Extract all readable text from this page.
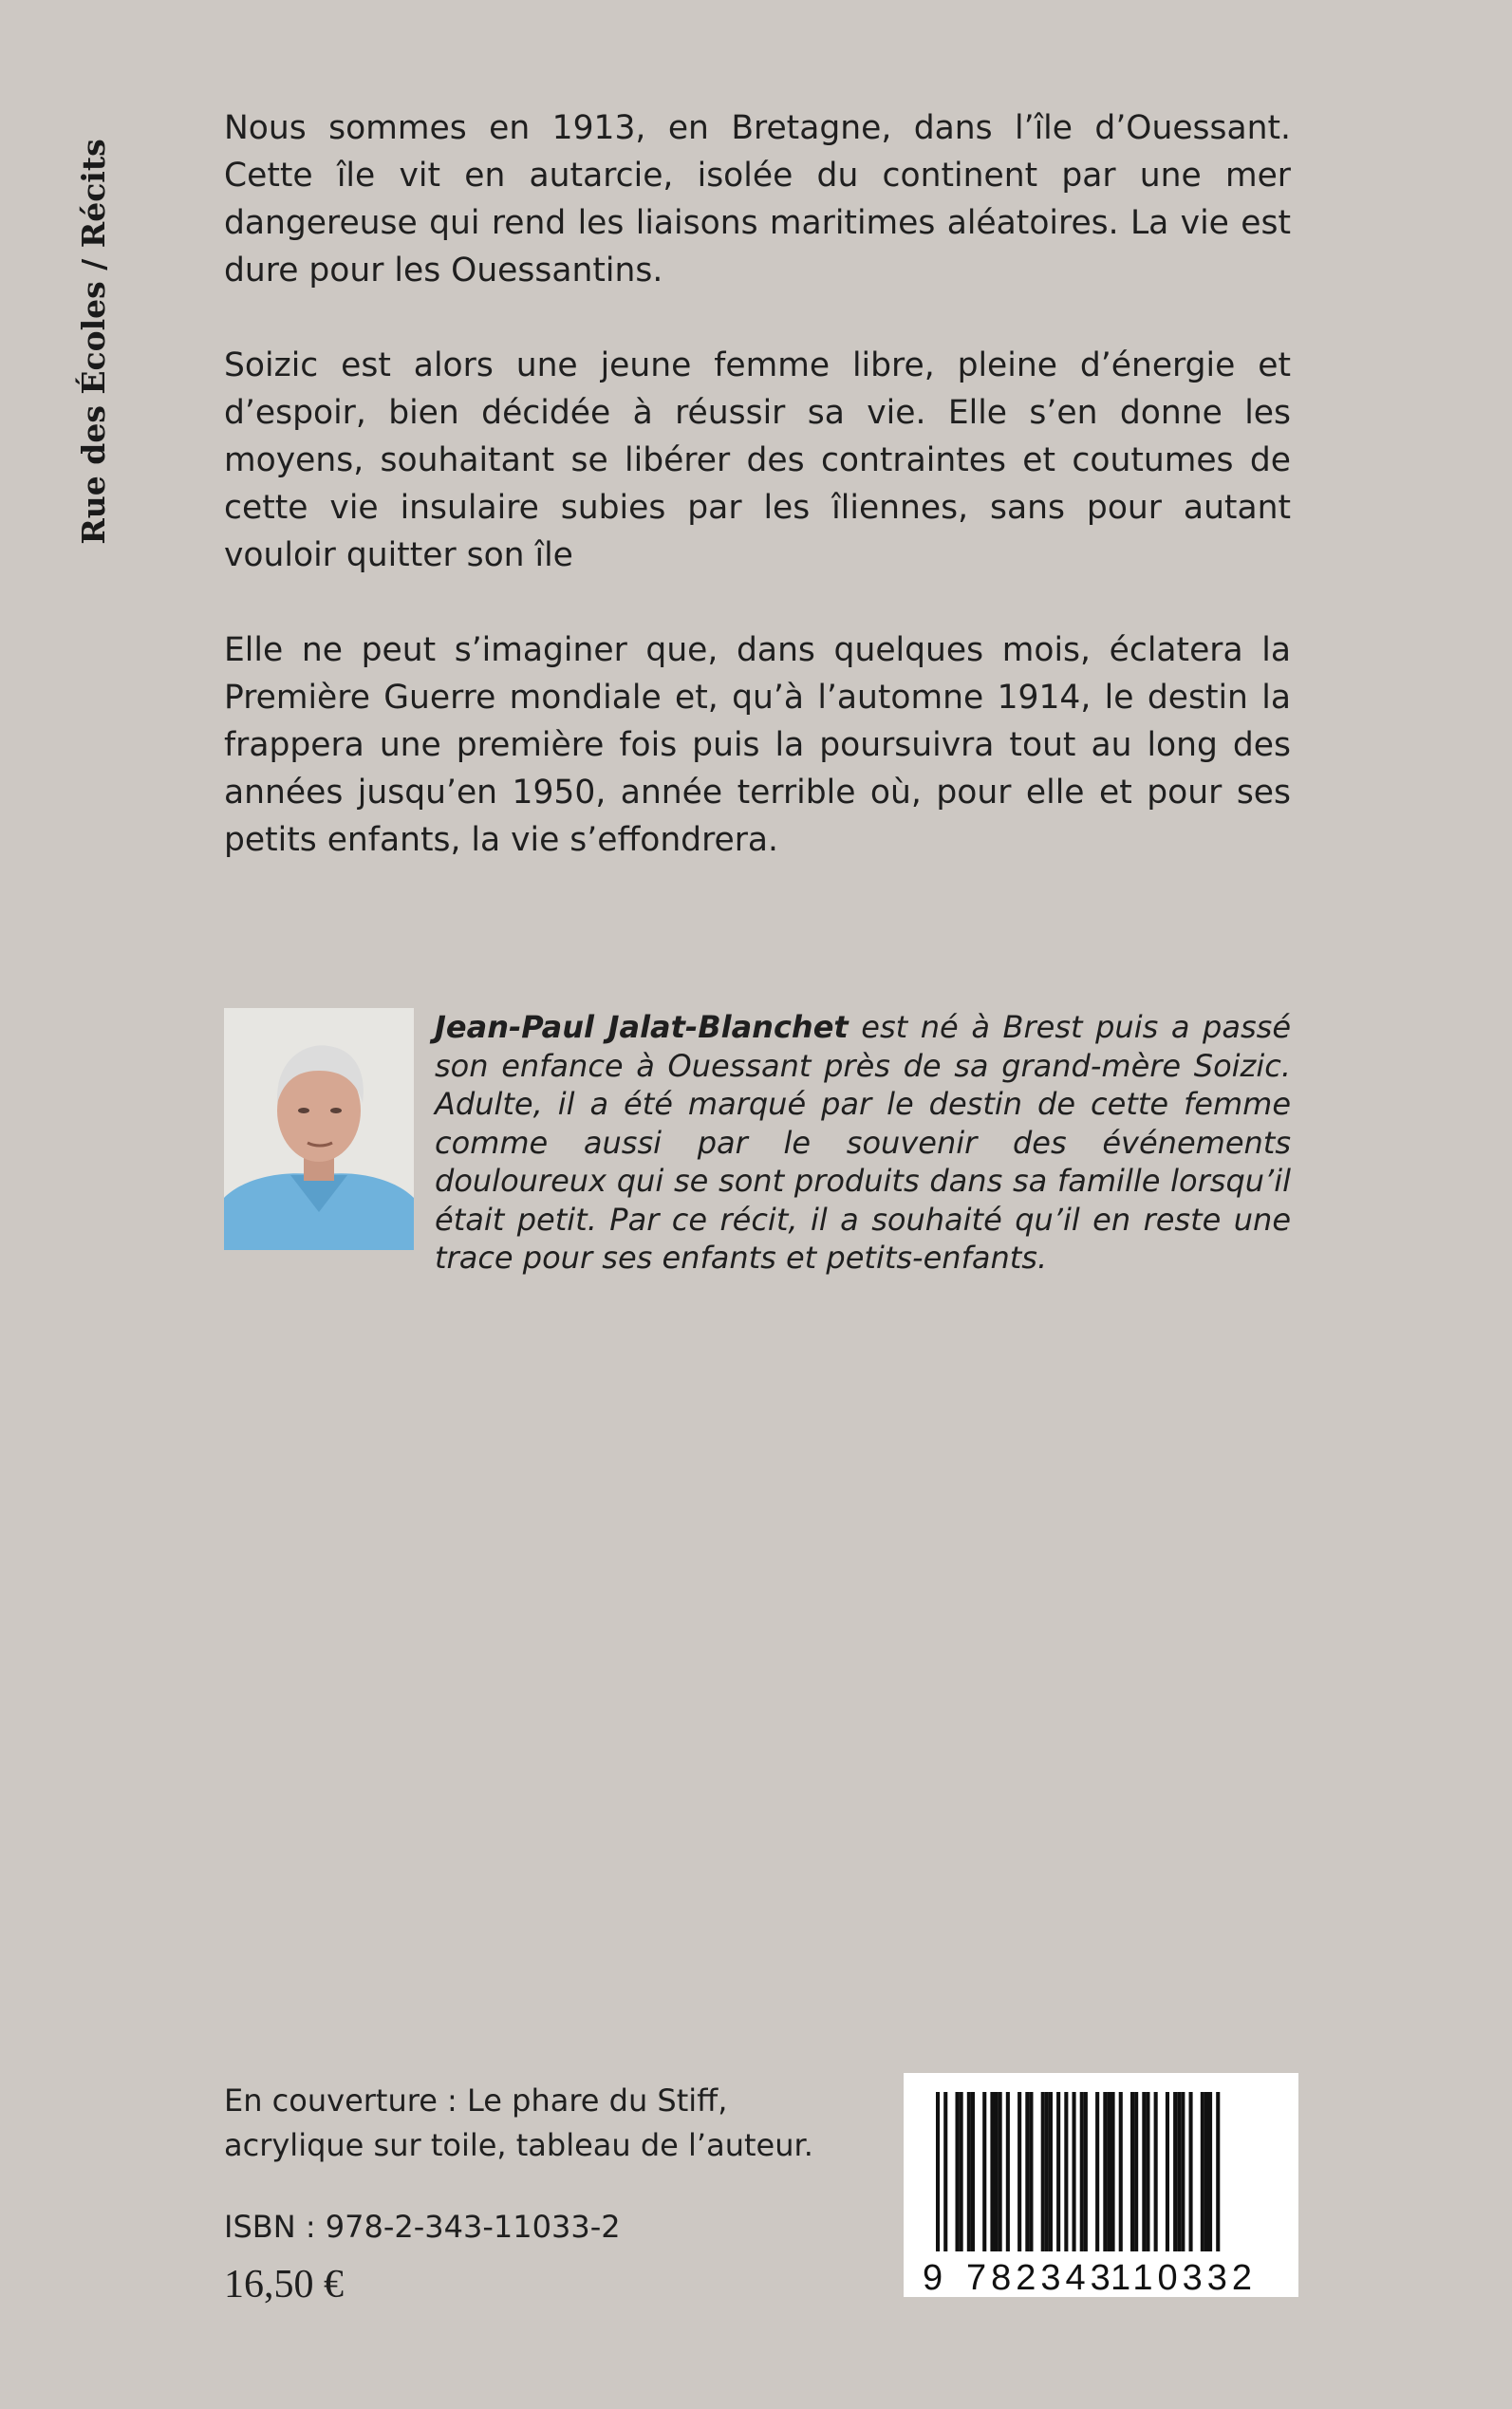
Rue des Écoles / Récits

Nous sommes en 1913, en Bretagne, dans l’île d’Ouessant. Cette île vit en autarcie, isolée du continent par une mer dangereuse qui rend les liaisons maritimes aléatoires. La vie est dure pour les Ouessantins.

Soizic est alors une jeune femme libre, pleine d’énergie et d’espoir, bien décidée à réussir sa vie. Elle s’en donne les moyens, souhaitant se libérer des contraintes et coutumes de cette vie insulaire subies par les îliennes, sans pour autant vouloir quitter son île

Elle ne peut s’imaginer que, dans quelques mois, éclatera la Première Guerre mondiale et, qu’à l’automne 1914, le destin la frappera une première fois puis la poursuivra tout au long des années jusqu’en 1950, année terrible où, pour elle et pour ses petits enfants, la vie s’effondrera.

Jean-Paul Jalat-Blanchet est né à Brest puis a passé son enfance à Ouessant près de sa grand-mère Soizic. Adulte, il a été marqué par le destin de cette femme comme aussi par le souvenir des événements douloureux qui se sont produits dans sa famille lorsqu’il était petit. Par ce récit, il a souhaité qu’il en reste une trace pour ses enfants et petits-enfants.
En couverture : Le phare du Stiff,
acrylique sur toile, tableau de l’auteur.
ISBN : 978-2-343-11033-2
16,50 €	9 782343
110332
